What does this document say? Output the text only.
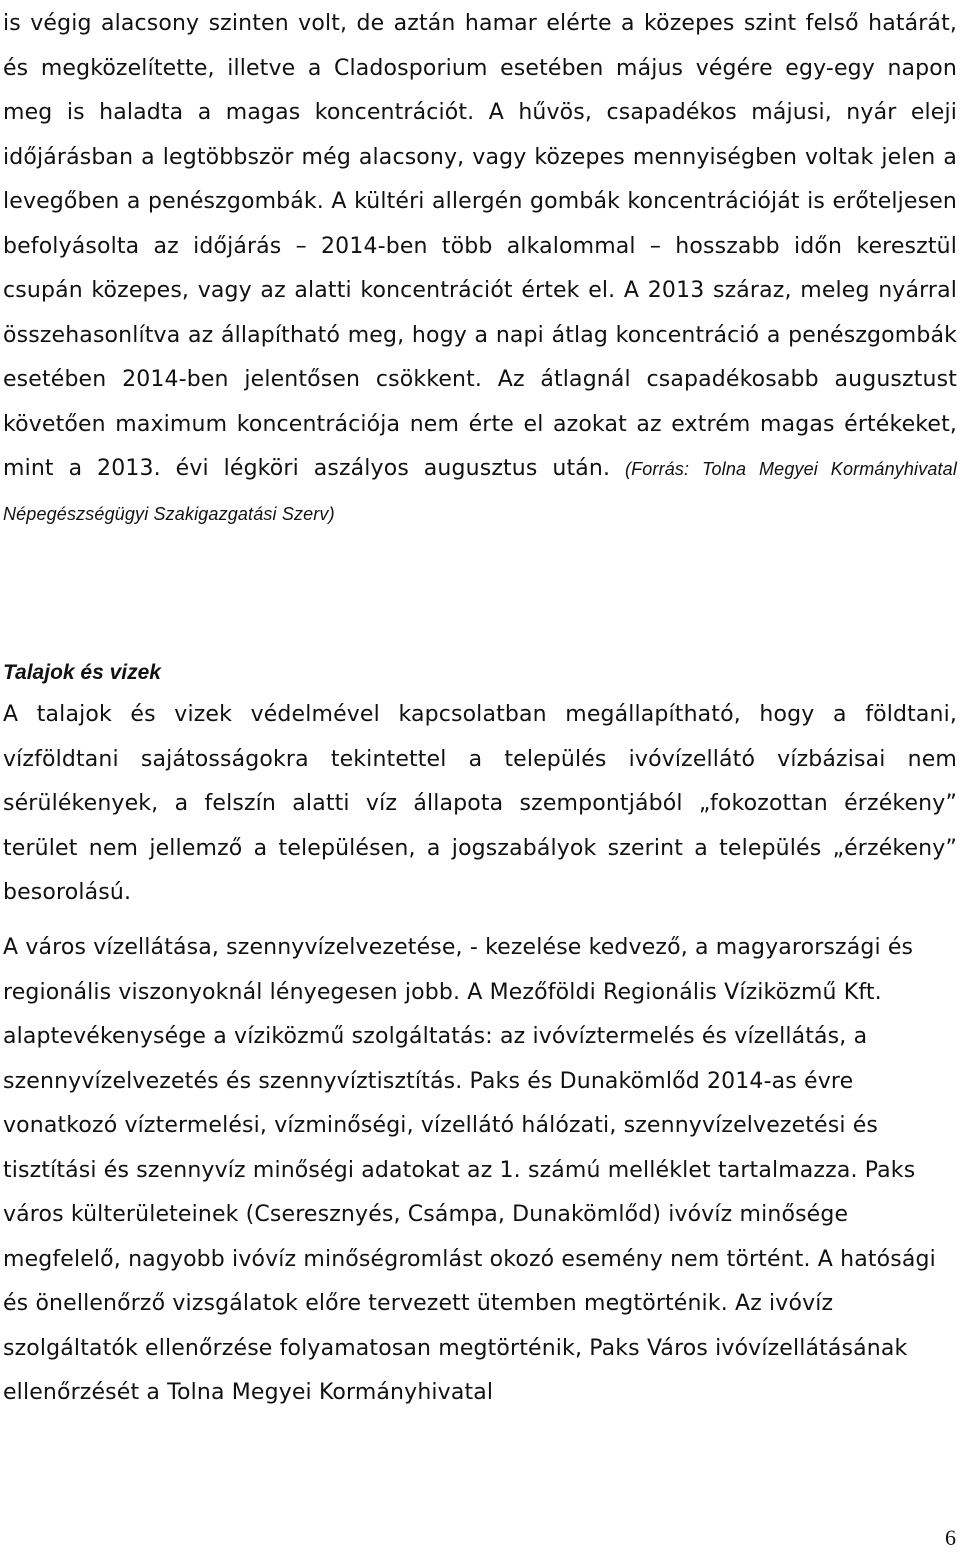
is végig alacsony szinten volt, de aztán hamar elérte a közepes szint felső határát, és megközelítette, illetve a Cladosporium esetében május végére egy-egy napon meg is haladta a magas koncentrációt. A hűvös, csapadékos májusi, nyár eleji időjárásban a legtöbbször még alacsony, vagy közepes mennyiségben voltak jelen a levegőben a penészgombák. A kültéri allergén gombák koncentrációját is erőteljesen befolyásolta az időjárás – 2014-ben több alkalommal – hosszabb időn keresztül csupán közepes, vagy az alatti koncentrációt értek el. A 2013 száraz, meleg nyárral összehasonlítva az állapítható meg, hogy a napi átlag koncentráció a penészgombák esetében 2014-ben jelentősen csökkent. Az átlagnál csapadékosabb augusztust követően maximum koncentrációja nem érte el azokat az extrém magas értékeket, mint a 2013. évi légköri aszályos augusztus után. (Forrás: Tolna Megyei Kormányhivatal Népegészségügyi Szakigazgatási Szerv)

Talajok és vizek

A talajok és vizek védelmével kapcsolatban megállapítható, hogy a földtani, vízföldtani sajátosságokra tekintettel a település ivóvízellátó vízbázisai nem sérülékenyek, a felszín alatti víz állapota szempontjából „fokozottan érzékeny” terület nem jellemző a településen, a jogszabályok szerint a település „érzékeny” besorolású.

A város vízellátása, szennyvízelvezetése, - kezelése kedvező, a magyarországi és regionális viszonyoknál lényegesen jobb. A Mezőföldi Regionális Víziközmű Kft. alaptevékenysége a víziközmű szolgáltatás: az ivóvíztermelés és vízellátás, a szennyvízelvezetés és szennyvíztisztítás. Paks és Dunakömlőd 2014-as évre vonatkozó víztermelési, vízminőségi, vízellátó hálózati, szennyvízelvezetési és tisztítási és szennyvíz minőségi adatokat az 1. számú melléklet tartalmazza. Paks város külterületeinek (Cseresznyés, Csámpa, Dunakömlőd) ivóvíz minősége megfelelő, nagyobb ivóvíz minőségromlást okozó esemény nem történt. A hatósági és önellenőrző vizsgálatok előre tervezett ütemben megtörténik. Az ivóvíz szolgáltatók ellenőrzése folyamatosan megtörténik, Paks Város ivóvízellátásának ellenőrzését a Tolna Megyei Kormányhivatal

6
